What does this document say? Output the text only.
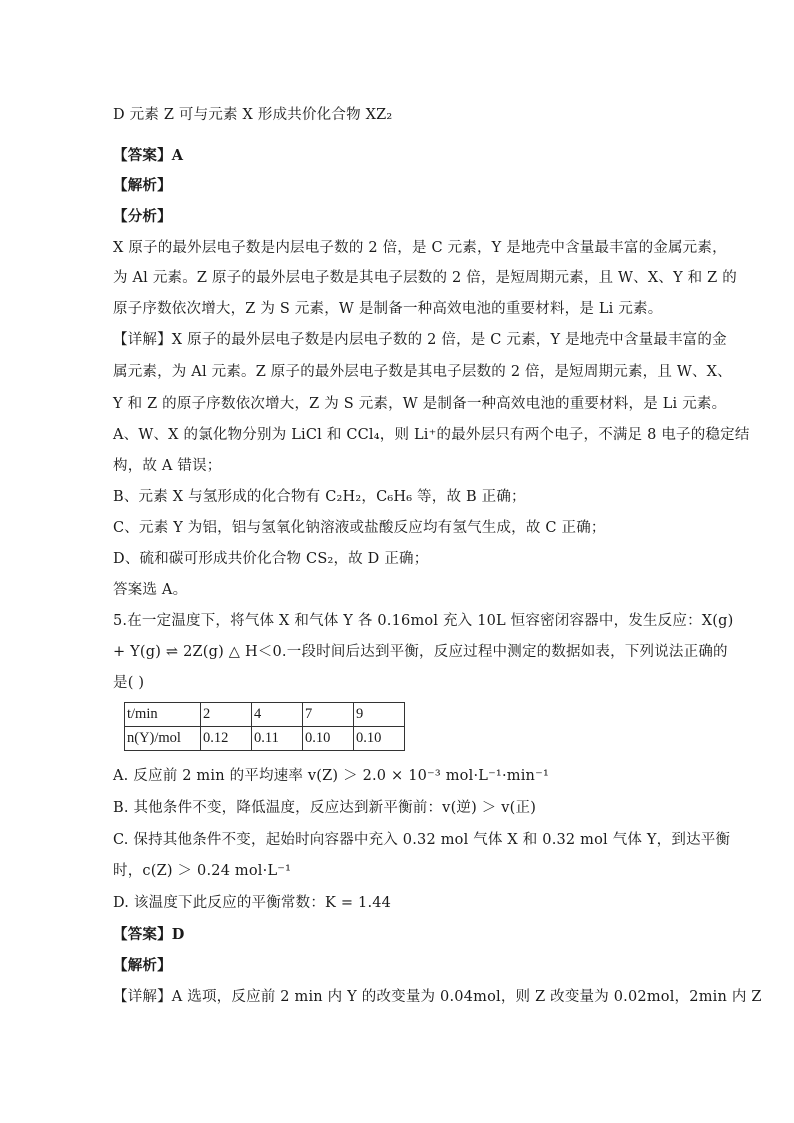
D 元素 Z 可与元素 X 形成共价化合物 XZ₂
【答案】A
【解析】
【分析】
X 原子的最外层电子数是内层电子数的 2 倍，是 C 元素，Y 是地壳中含量最丰富的金属元素，
为 Al 元素。Z 原子的最外层电子数是其电子层数的 2 倍，是短周期元素，且 W、X、Y 和 Z 的
原子序数依次增大，Z 为 S 元素，W 是制备一种高效电池的重要材料，是 Li 元素。
【详解】X 原子的最外层电子数是内层电子数的 2 倍，是 C 元素，Y 是地壳中含量最丰富的金
属元素，为 Al 元素。Z 原子的最外层电子数是其电子层数的 2 倍，是短周期元素，且 W、X、
Y 和 Z 的原子序数依次增大，Z 为 S 元素，W 是制备一种高效电池的重要材料，是 Li 元素。
A、W、X 的氯化物分别为 LiCl 和 CCl₄，则 Li⁺的最外层只有两个电子，不满足 8 电子的稳定结
构，故 A 错误；
B、元素 X 与氢形成的化合物有 C₂H₂，C₆H₆ 等，故 B 正确；
C、元素 Y 为铝，铝与氢氧化钠溶液或盐酸反应均有氢气生成，故 C 正确；
D、硫和碳可形成共价化合物 CS₂，故 D 正确；
答案选 A。
5.在一定温度下，将气体 X 和气体 Y 各 0.16mol 充入 10L 恒容密闭容器中，发生反应：X(g)
+ Y(g) ⇌ 2Z(g) △ H＜0.一段时间后达到平衡，反应过程中测定的数据如表，下列说法正确的
是( )
t/min	2	4	7	9
n(Y)/mol	0.12	0.11	0.10	0.10
A. 反应前 2 min 的平均速率 v(Z) ＞ 2.0 × 10⁻³ mol·L⁻¹·min⁻¹
B. 其他条件不变，降低温度，反应达到新平衡前：v(逆) ＞ v(正)
C. 保持其他条件不变，起始时向容器中充入 0.32 mol 气体 X 和 0.32 mol 气体 Y，到达平衡
时，c(Z) ＞ 0.24 mol·L⁻¹
D. 该温度下此反应的平衡常数：K = 1.44
【答案】D
【解析】
【详解】A 选项，反应前 2 min 内 Y 的改变量为 0.04mol，则 Z 改变量为 0.02mol，2min 内 Z
